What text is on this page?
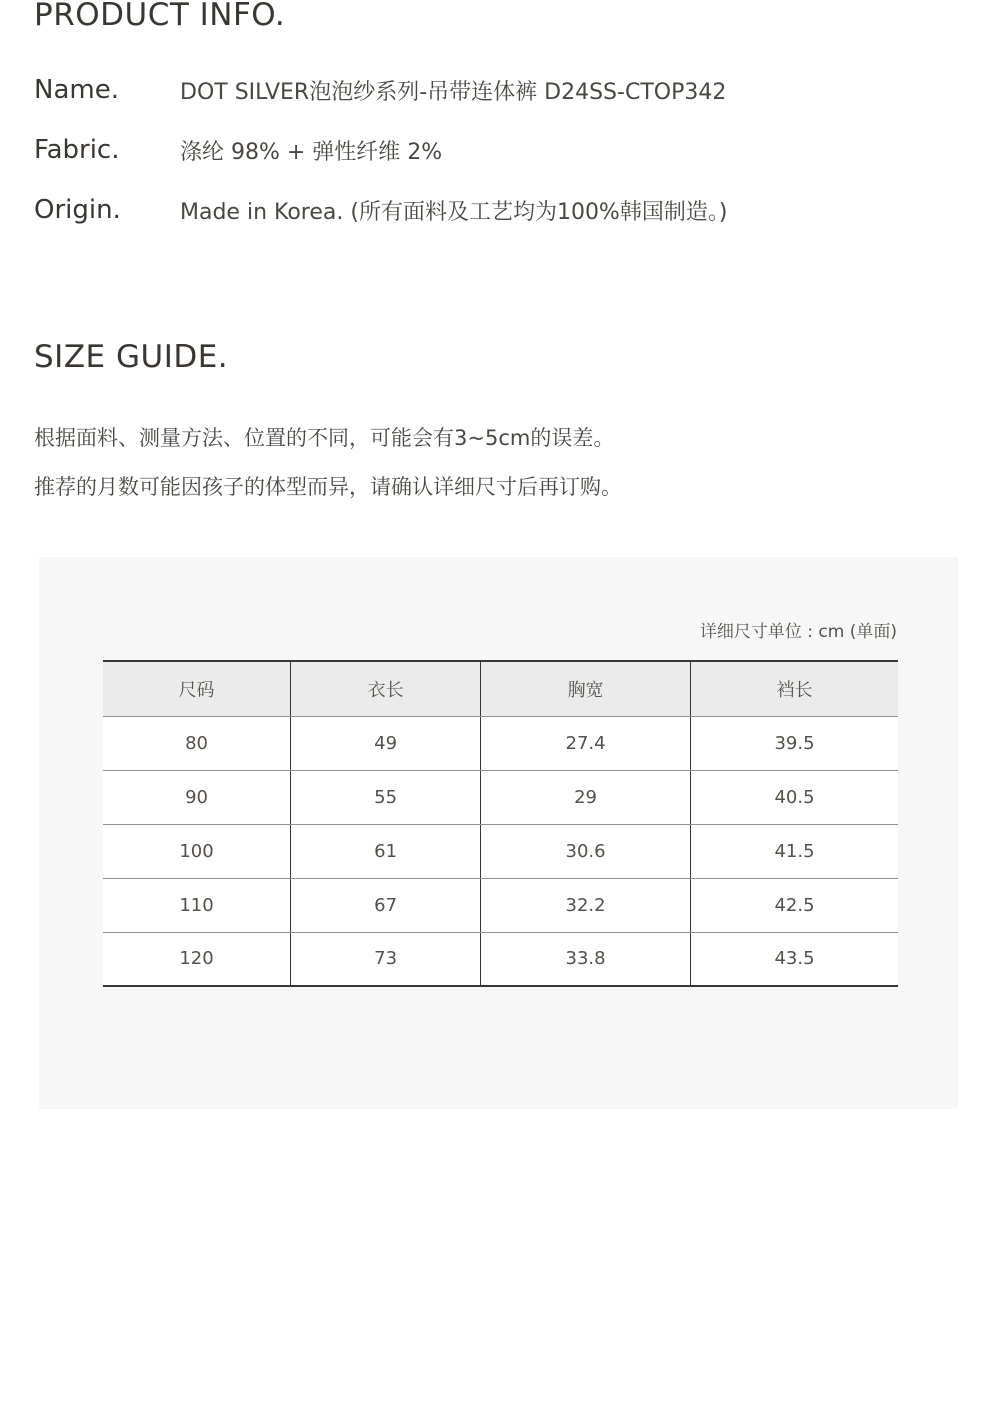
PRODUCT INFO.
Name.	DOT SILVER泡泡纱系列-吊带连体裤 D24SS-CTOP342
Fabric.	涤纶 98% + 弹性纤维 2%
Origin.	Made in Korea. (所有面料及工艺均为100%韩国制造。)
SIZE GUIDE.

根据面料、测量方法、位置的不同，可能会有3~5cm的误差。

推荐的月数可能因孩子的体型而异，请确认详细尺寸后再订购。

详细尺寸单位 : cm (单面)
尺码	衣长	胸宽	裆长
80	49	27.4	39.5
90	55	29	40.5
100	61	30.6	41.5
110	67	32.2	42.5
120	73	33.8	43.5
